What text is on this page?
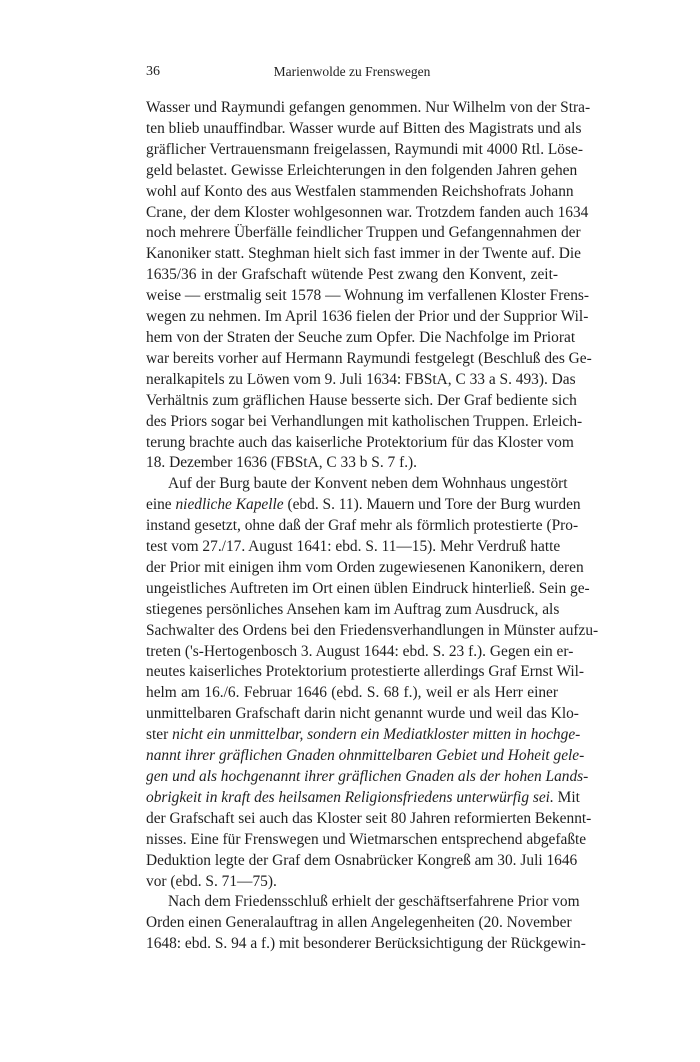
36	Marienwolde zu Frenswegen
Wasser und Raymundi gefangen genommen. Nur Wilhelm von der Stra-
ten blieb unauffindbar. Wasser wurde auf Bitten des Magistrats und als
gräflicher Vertrauensmann freigelassen, Raymundi mit 4000 Rtl. Löse-
geld belastet. Gewisse Erleichterungen in den folgenden Jahren gehen
wohl auf Konto des aus Westfalen stammenden Reichshofrats Johann
Crane, der dem Kloster wohlgesonnen war. Trotzdem fanden auch 1634
noch mehrere Überfälle feindlicher Truppen und Gefangennahmen der
Kanoniker statt. Steghman hielt sich fast immer in der Twente auf. Die
1635/36 in der Grafschaft wütende Pest zwang den Konvent, zeit-
weise — erstmalig seit 1578 — Wohnung im verfallenen Kloster Frens-
wegen zu nehmen. Im April 1636 fielen der Prior und der Supprior Wil-
hem von der Straten der Seuche zum Opfer. Die Nachfolge im Priorat
war bereits vorher auf Hermann Raymundi festgelegt (Beschluß des Ge-
neralkapitels zu Löwen vom 9. Juli 1634: FBStA, C 33 a S. 493). Das
Verhältnis zum gräflichen Hause besserte sich. Der Graf bediente sich
des Priors sogar bei Verhandlungen mit katholischen Truppen. Erleich-
terung brachte auch das kaiserliche Protektorium für das Kloster vom
18. Dezember 1636 (FBStA, C 33 b S. 7 f.).
Auf der Burg baute der Konvent neben dem Wohnhaus ungestört
eine niedliche Kapelle (ebd. S. 11). Mauern und Tore der Burg wurden
instand gesetzt, ohne daß der Graf mehr als förmlich protestierte (Pro-
test vom 27./17. August 1641: ebd. S. 11—15). Mehr Verdruß hatte
der Prior mit einigen ihm vom Orden zugewiesenen Kanonikern, deren
ungeistliches Auftreten im Ort einen üblen Eindruck hinterließ. Sein ge-
stiegenes persönliches Ansehen kam im Auftrag zum Ausdruck, als
Sachwalter des Ordens bei den Friedensverhandlungen in Münster aufzu-
treten ('s-Hertogenbosch 3. August 1644: ebd. S. 23 f.). Gegen ein er-
neutes kaiserliches Protektorium protestierte allerdings Graf Ernst Wil-
helm am 16./6. Februar 1646 (ebd. S. 68 f.), weil er als Herr einer
unmittelbaren Grafschaft darin nicht genannt wurde und weil das Klo-
ster nicht ein unmittelbar, sondern ein Mediatkloster mitten in hochge-
nannt ihrer gräflichen Gnaden ohnmittelbaren Gebiet und Hoheit gele-
gen und als hochgenannt ihrer gräflichen Gnaden als der hohen Lands-
obrigkeit in kraft des heilsamen Religionsfriedens unterwürfig sei. Mit
der Grafschaft sei auch das Kloster seit 80 Jahren reformierten Bekennt-
nisses. Eine für Frenswegen und Wietmarschen entsprechend abgefaßte
Deduktion legte der Graf dem Osnabrücker Kongreß am 30. Juli 1646
vor (ebd. S. 71—75).
Nach dem Friedensschluß erhielt der geschäftserfahrene Prior vom
Orden einen Generalauftrag in allen Angelegenheiten (20. November
1648: ebd. S. 94 a f.) mit besonderer Berücksichtigung der Rückgewin-
